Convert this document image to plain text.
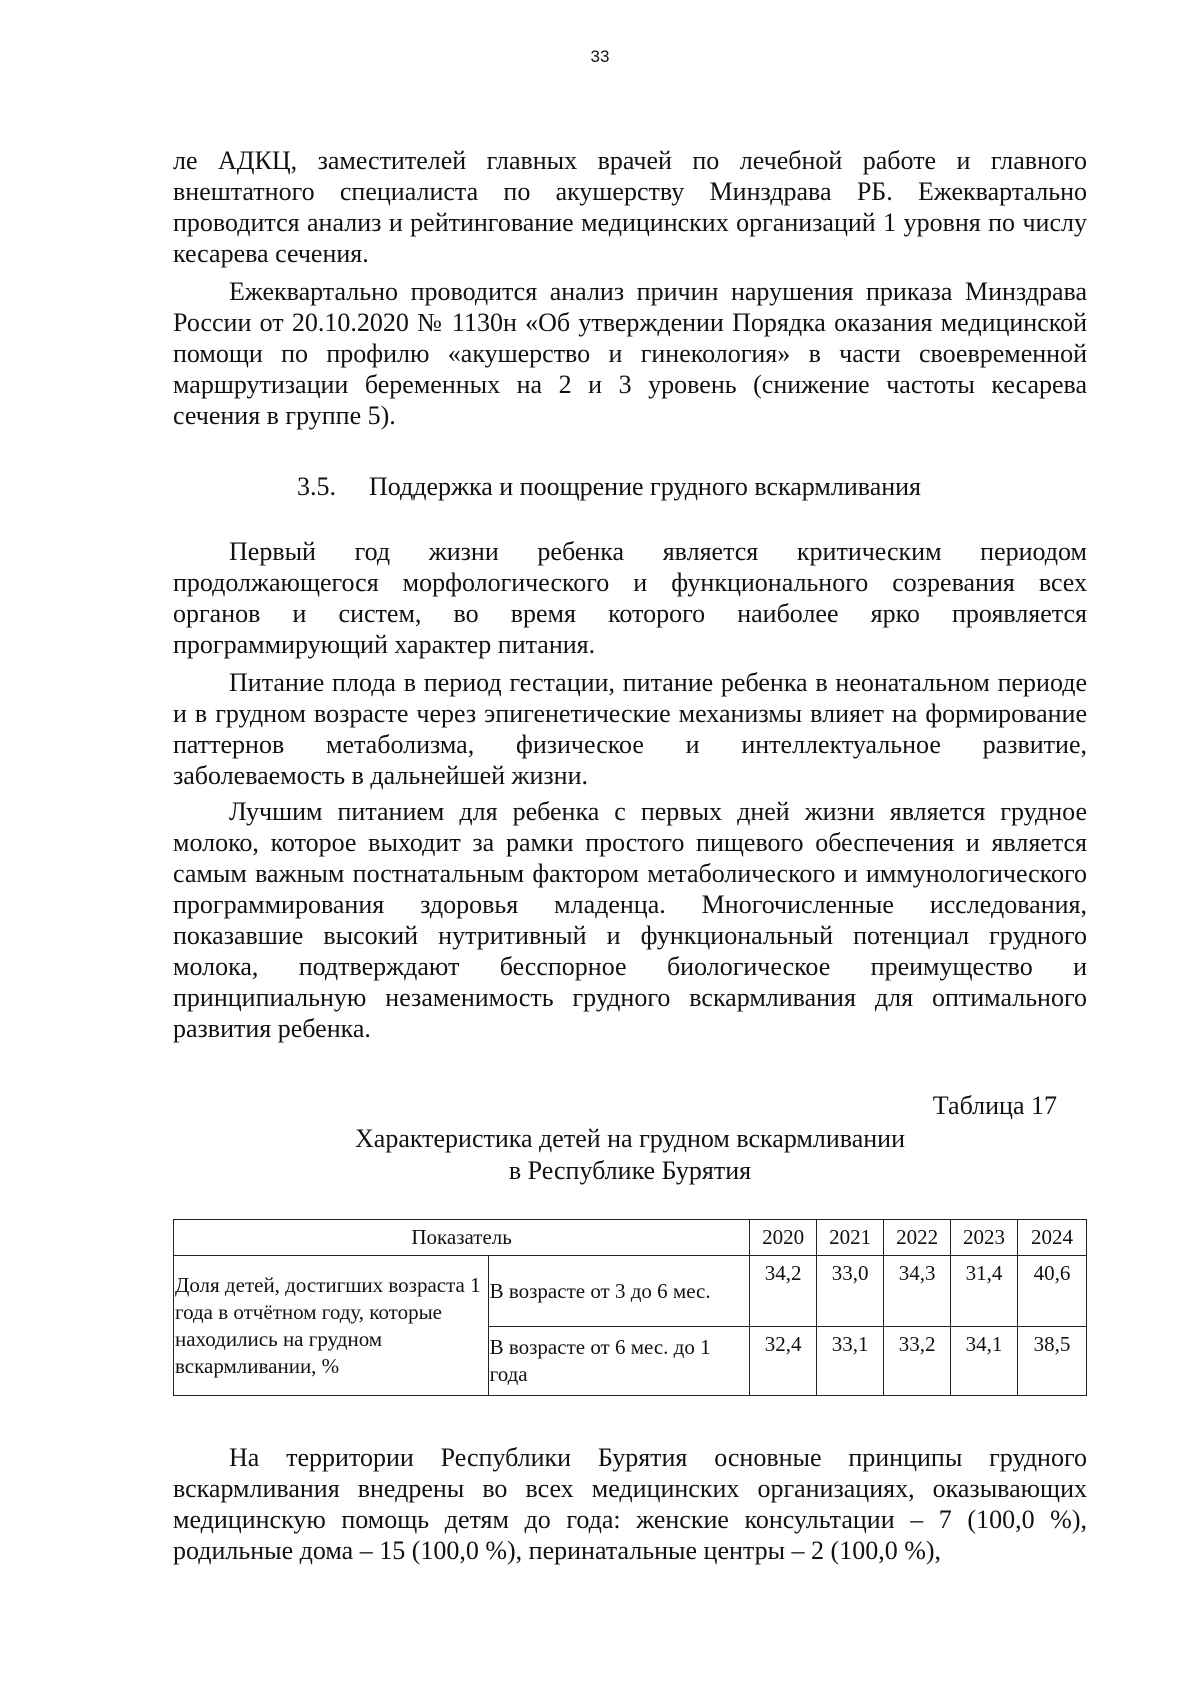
33

ле АДКЦ, заместителей главных врачей по лечебной работе и главного внештатного специалиста по акушерству Минздрава РБ. Ежеквартально проводится анализ и рейтингование медицинских организаций 1 уровня по числу кесарева сечения.

Ежеквартально проводится анализ причин нарушения приказа Минздрава России от 20.10.2020 № 1130н «Об утверждении Порядка оказания медицинской помощи по профилю «акушерство и гинекология» в части своевременной маршрутизации беременных на 2 и 3 уровень (снижение частоты кесарева сечения в группе 5).

3.5. Поддержка и поощрение грудного вскармливания

Первый год жизни ребенка является критическим периодом продолжающегося морфологического и функционального созревания всех органов и систем, во время которого наиболее ярко проявляется программирующий характер питания.

Питание плода в период гестации, питание ребенка в неонатальном периоде и в грудном возрасте через эпигенетические механизмы влияет на формирование паттернов метаболизма, физическое и интеллектуальное развитие, заболеваемость в дальнейшей жизни.

Лучшим питанием для ребенка с первых дней жизни является грудное молоко, которое выходит за рамки простого пищевого обеспечения и является самым важным постнатальным фактором метаболического и иммунологического программирования здоровья младенца. Многочисленные исследования, показавшие высокий нутритивный и функциональный потенциал грудного молока, подтверждают бесспорное биологическое преимущество и принципиальную незаменимость грудного вскармливания для оптимального развития ребенка.

Таблица 17
Характеристика детей на грудном вскармливании
в Республике Бурятия
Показатель		2020	2021	2022	2023	2024
Доля детей, достигших возраста 1 года в отчётном году, которые находились на грудном вскармливании, %	В возрасте от 3 до 6 мес.	34,2	33,0	34,3	31,4	40,6
	В возрасте от 6 мес. до 1 года	32,4	33,1	33,2	34,1	38,5

На территории Республики Бурятия основные принципы грудного вскармливания внедрены во всех медицинских организациях, оказывающих медицинскую помощь детям до года: женские консультации – 7 (100,0 %), родильные дома – 15 (100,0 %), перинатальные центры – 2 (100,0 %),
